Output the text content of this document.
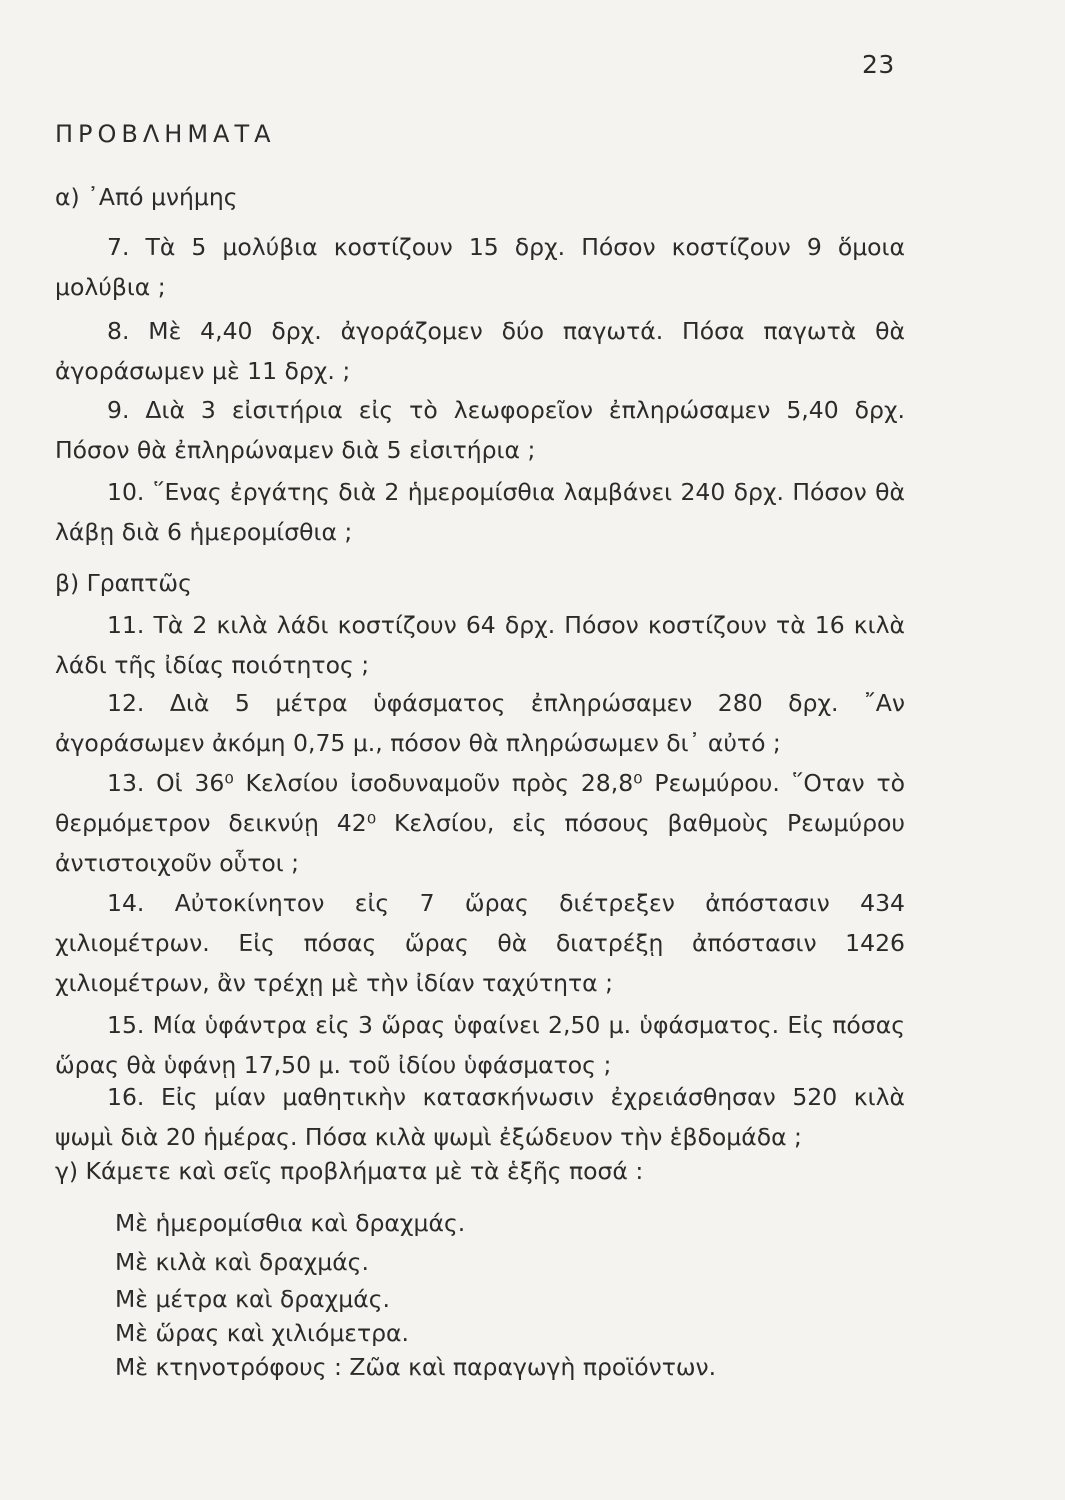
23
ΠΡΟΒΛΗΜΑΤΑ
α) ᾿Από μνήμης

7. Τὰ 5 μολύβια κοστίζουν 15 δρχ. Πόσον κοστίζουν 9 ὅμοια μολύβια ;

8. Μὲ 4,40 δρχ. ἀγοράζομεν δύο παγωτά. Πόσα παγωτὰ θὰ ἀγοράσωμεν μὲ 11 δρχ. ;

9. Διὰ 3 εἰσιτήρια εἰς τὸ λεωφορεῖον ἐπληρώσαμεν 5,40 δρχ. Πόσον θὰ ἐπληρώναμεν διὰ 5 εἰσιτήρια ;

10. ῞Ενας ἐργάτης διὰ 2 ἡμερομίσθια λαμβάνει 240 δρχ. Πόσον θὰ λάβῃ διὰ 6 ἡμερομίσθια ;

β) Γραπτῶς

11. Τὰ 2 κιλὰ λάδι κοστίζουν 64 δρχ. Πόσον κοστίζουν τὰ 16 κιλὰ λάδι τῆς ἰδίας ποιότητος ;

12. Διὰ 5 μέτρα ὑφάσματος ἐπληρώσαμεν 280 δρχ. ῎Αν ἀγοράσωμεν ἀκόμη 0,75 μ., πόσον θὰ πληρώσωμεν δι᾿ αὐτό ;

13. Οἱ 36⁰ Κελσίου ἰσοδυναμοῦν πρὸς 28,8⁰ Ρεωμύρου. ῞Οταν τὸ θερμόμετρον δεικνύῃ 42⁰ Κελσίου, εἰς πόσους βαθμοὺς Ρεωμύρου ἀντιστοιχοῦν οὗτοι ;

14. Αὐτοκίνητον εἰς 7 ὥρας διέτρεξεν ἀπόστασιν 434 χιλιομέτρων. Εἰς πόσας ὥρας θὰ διατρέξῃ ἀπόστασιν 1426 χιλιομέτρων, ἂν τρέχῃ μὲ τὴν ἰδίαν ταχύτητα ;

15. Μία ὑφάντρα εἰς 3 ὥρας ὑφαίνει 2,50 μ. ὑφάσματος. Εἰς πόσας ὥρας θὰ ὑφάνῃ 17,50 μ. τοῦ ἰδίου ὑφάσματος ;

16. Εἰς μίαν μαθητικὴν κατασκήνωσιν ἐχρειάσθησαν 520 κιλὰ ψωμὶ διὰ 20 ἡμέρας. Πόσα κιλὰ ψωμὶ ἐξώδευον τὴν ἑβδομάδα ;

γ) Κάμετε καὶ σεῖς προβλήματα μὲ τὰ ἑξῆς ποσά :
Μὲ ἡμερομίσθια καὶ δραχμάς.
Μὲ κιλὰ καὶ δραχμάς.
Μὲ μέτρα καὶ δραχμάς.
Μὲ ὥρας καὶ χιλιόμετρα.
Μὲ κτηνοτρόφους : Ζῶα καὶ παραγωγὴ προϊόντων.
